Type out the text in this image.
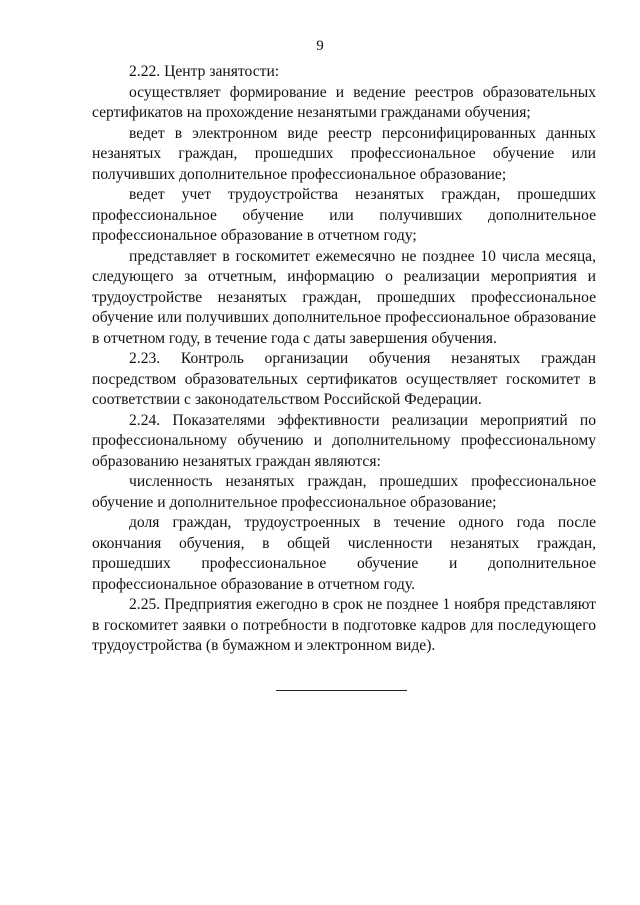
9

2.22. Центр занятости:

осуществляет формирование и ведение реестров образовательных сертификатов на прохождение незанятыми гражданами обучения;

ведет в электронном виде реестр персонифицированных данных незанятых граждан, прошедших профессиональное обучение или получивших дополнительное профессиональное образование;

ведет учет трудоустройства незанятых граждан, прошедших профессиональное обучение или получивших дополнительное профессиональное образование в отчетном году;

представляет в госкомитет ежемесячно не позднее 10 числа месяца, следующего за отчетным, информацию о реализации мероприятия и трудоустройстве незанятых граждан, прошедших профессиональное обучение или получивших дополнительное профессиональное образование в отчетном году, в течение года с даты завершения обучения.

2.23. Контроль организации обучения незанятых граждан посредством образовательных сертификатов осуществляет госкомитет в соответствии с законодательством Российской Федерации.

2.24. Показателями эффективности реализации мероприятий по профессиональному обучению и дополнительному профессиональному образованию незанятых граждан являются:

численность незанятых граждан, прошедших профессиональное обучение и дополнительное профессиональное образование;

доля граждан, трудоустроенных в течение одного года после окончания обучения, в общей численности незанятых граждан, прошедших профессиональное обучение и дополнительное профессиональное образование в отчетном году.

2.25. Предприятия ежегодно в срок не позднее 1 ноября представляют в госкомитет заявки о потребности в подготовке кадров для последующего трудоустройства (в бумажном и электронном виде).
